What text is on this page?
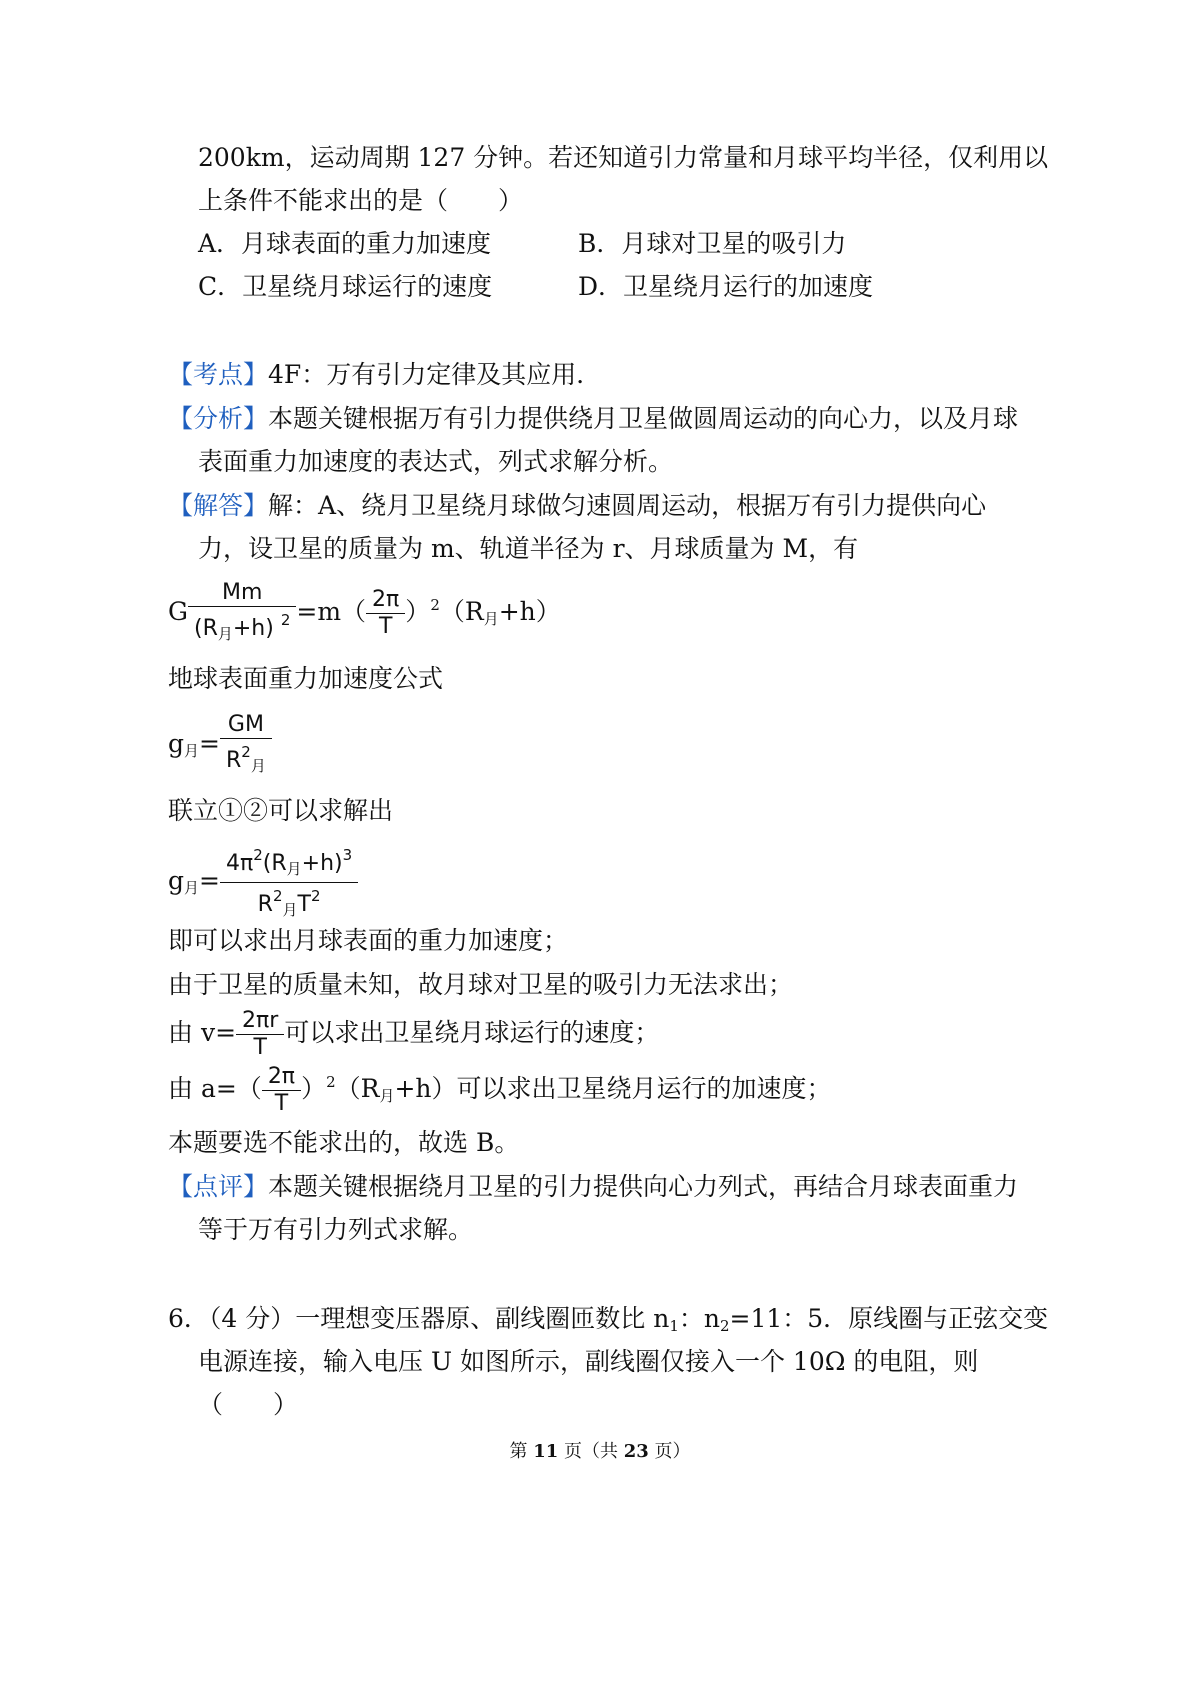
200km，运动周期 127 分钟。若还知道引力常量和月球平均半径，仅利用以
上条件不能求出的是（　　）
A．月球表面的重力加速度	B．月球对卫星的吸引力
C．卫星绕月球运行的速度	D．卫星绕月运行的加速度
【考点】4F：万有引力定律及其应用．
【分析】本题关键根据万有引力提供绕月卫星做圆周运动的向心力，以及月球
表面重力加速度的表达式，列式求解分析。
【解答】解：A、绕月卫星绕月球做匀速圆周运动，根据万有引力提供向心
力，设卫星的质量为 m、轨道半径为 r、月球质量为 M，有
G $\frac{Mm}{(R_月+h) ^2} =m( \frac{2\pi}{T} )^2(R_月+h)$
地球表面重力加速度公式
$g_月= \frac{GM}{R^2_月}$
联立①②可以求解出
$g_月= \frac{4\pi^2(R_月+h)^3}{R^2_月T^2}$
即可以求出月球表面的重力加速度；
由于卫星的质量未知，故月球对卫星的吸引力无法求出；
由 $v= \frac{2\pi r}{T}$ 可以求出卫星绕月球运行的速度；
由 $a=( \frac{2\pi}{T} )^2(R_月+h)$可以求出卫星绕月运行的加速度；
本题要选不能求出的，故选 B。
【点评】本题关键根据绕月卫星的引力提供向心力列式，再结合月球表面重力
等于万有引力列式求解。
6．（4 分）一理想变压器原、副线圈匝数比 $n_1$：$n_2=11$：5．原线圈与正弦交变
电源连接，输入电压 U 如图所示，副线圈仅接入一个 10Ω 的电阻，则
（　　）
第 11 页（共 23 页）
